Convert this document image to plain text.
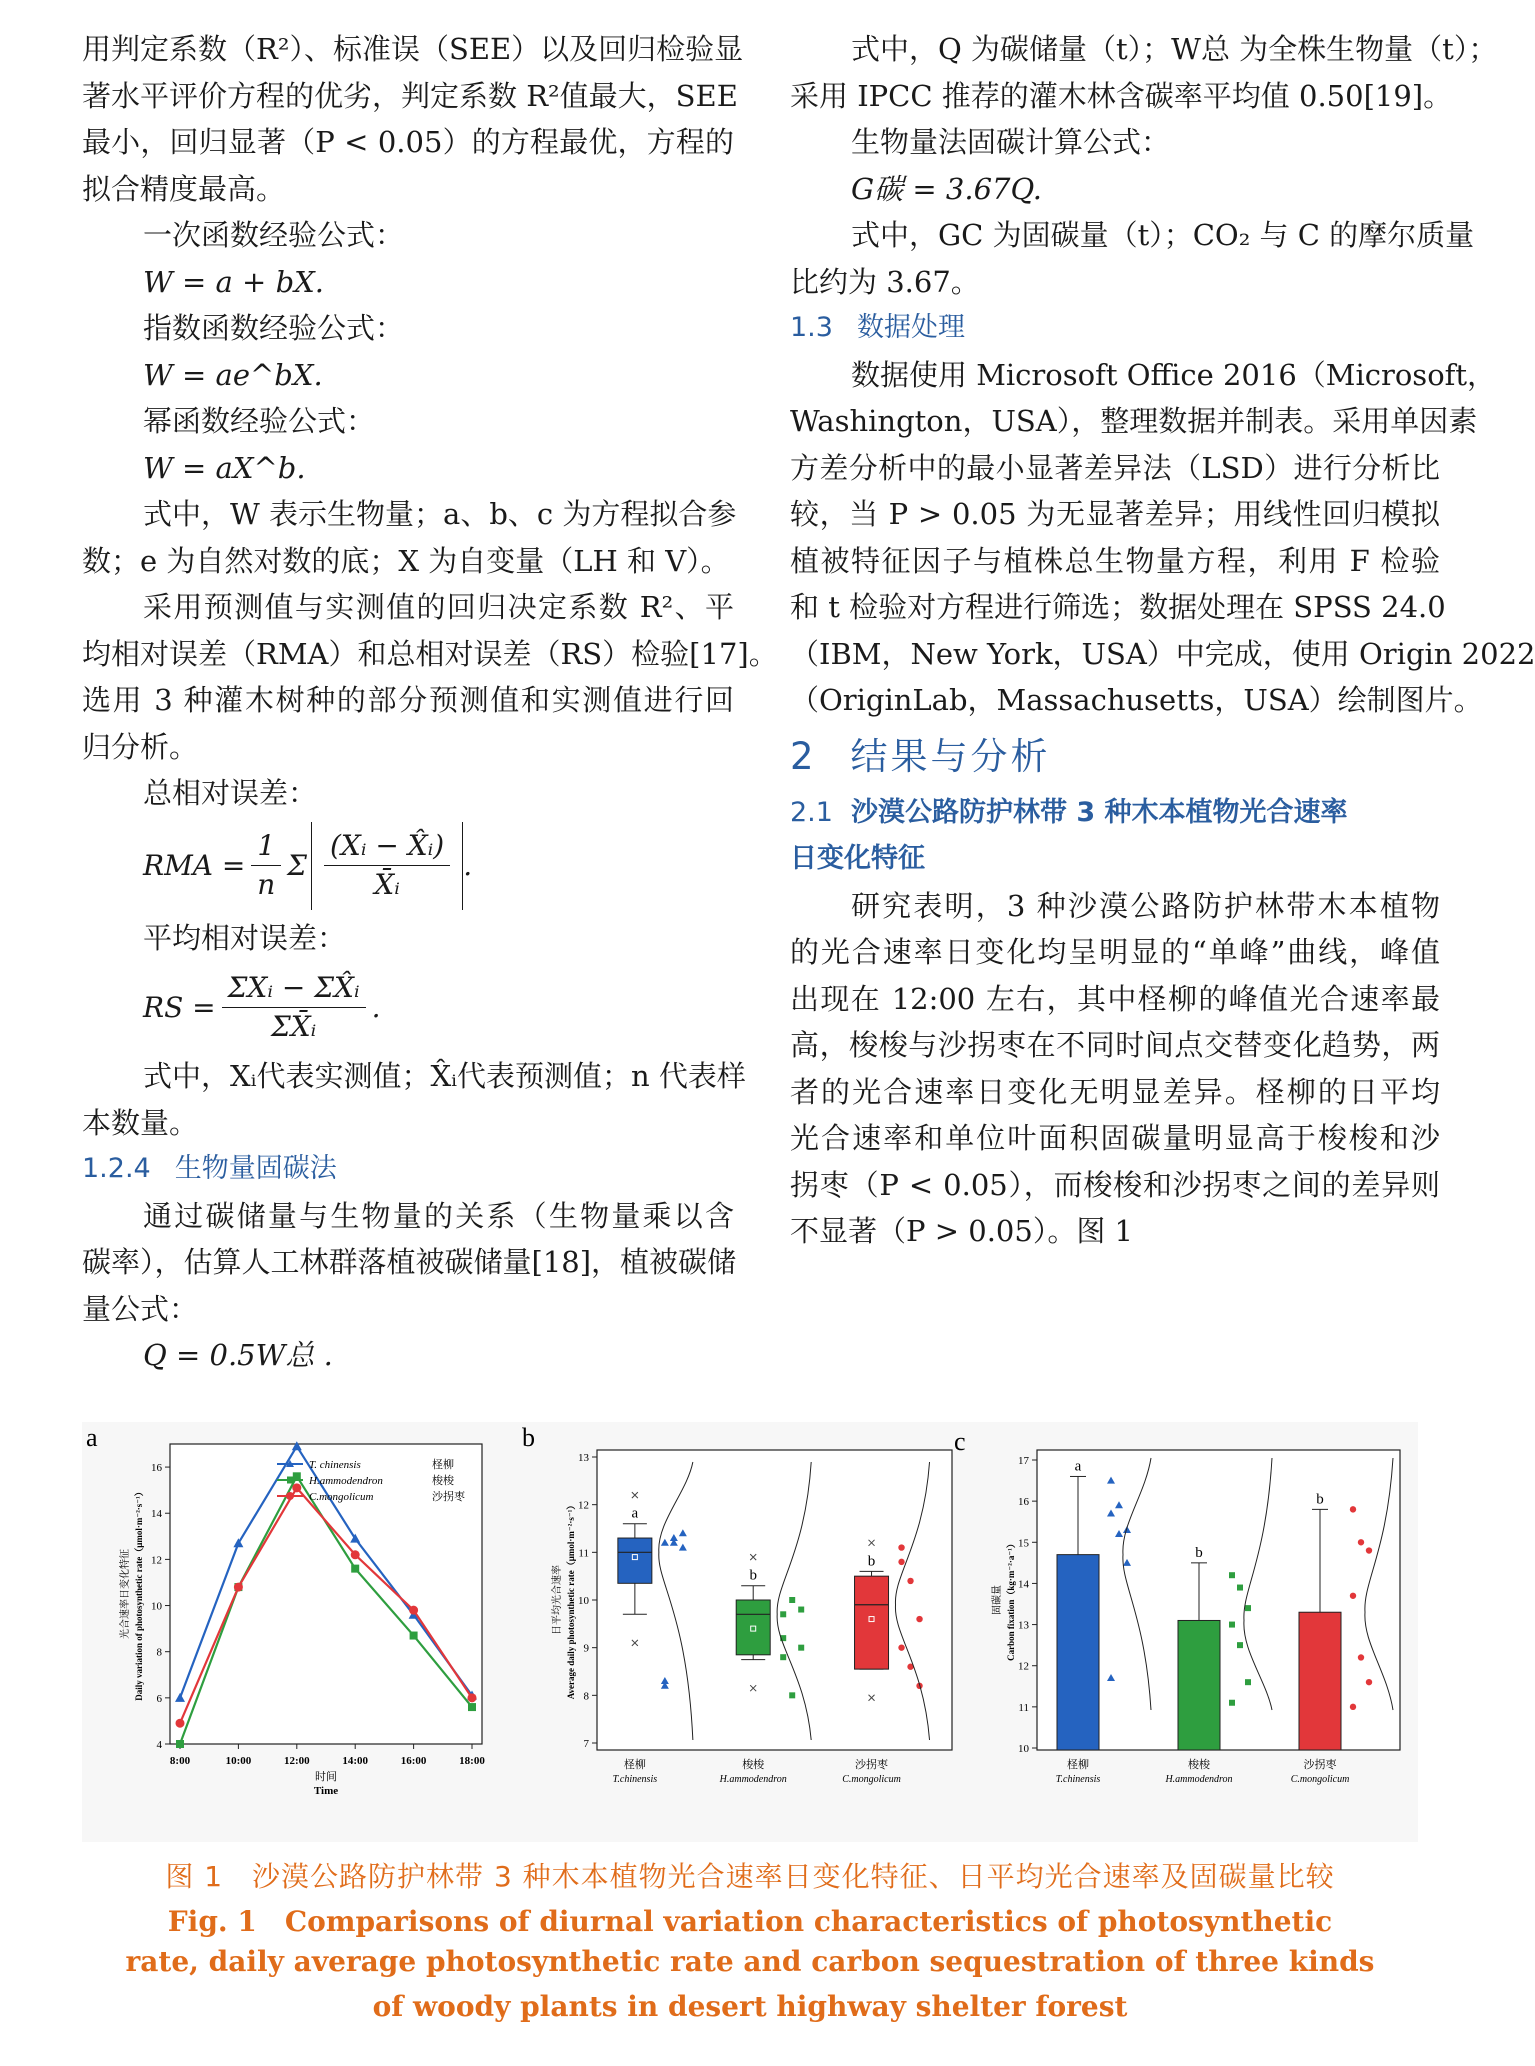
用判定系数（R²）、标准误（SEE）以及回归检验显
著水平评价方程的优劣，判定系数 R²值最大，SEE
最小，回归显著（P < 0.05）的方程最优，方程的
拟合精度最高。
一次函数经验公式：
W = a + bX.
指数函数经验公式：
W = ae^bX.
幂函数经验公式：
W = aX^b.
式中，W 表示生物量；a、b、c 为方程拟合参
数；e 为自然对数的底；X 为自变量（LH 和 V）。
采用预测值与实测值的回归决定系数 R²、平
均相对误差（RMA）和总相对误差（RS）检验[17]。
选用 3 种灌木树种的部分预测值和实测值进行回
归分析。
总相对误差：
RMA = $\frac{1}{n}$ Σ $\frac{\text{(Xᵢ − X̂ᵢ)}}{\text{X̄ᵢ}}$ .
平均相对误差：
RS = $\frac{\text{ΣXᵢ − ΣX̂ᵢ}}{\text{ΣX̄ᵢ}}$ .
式中，Xᵢ代表实测值；X̂ᵢ代表预测值；n 代表样
本数量。
1.2.4 生物量固碳法
通过碳储量与生物量的关系（生物量乘以含
碳率），估算人工林群落植被碳储量[18]，植被碳储
量公式：
Q = 0.5W总 .
式中，Q 为碳储量（t）；W总 为全株生物量（t）；
采用 IPCC 推荐的灌木林含碳率平均值 0.50[19]。
生物量法固碳计算公式：
G碳 = 3.67Q.
式中，GC 为固碳量（t）；CO₂ 与 C 的摩尔质量
比约为 3.67。
1.3 数据处理
数据使用 Microsoft Office 2016（Microsoft，
Washington，USA），整理数据并制表。采用单因素
方差分析中的最小显著差异法（LSD）进行分析比
较，当 P > 0.05 为无显著差异；用线性回归模拟
植被特征因子与植株总生物量方程，利用 F 检验
和 t 检验对方程进行筛选；数据处理在 SPSS 24.0
（IBM，New York，USA）中完成，使用 Origin 2022
（OriginLab，Massachusetts，USA）绘制图片。
2 结果与分析
2.1 沙漠公路防护林带 3 种木本植物光合速率
日变化特征
研究表明，3 种沙漠公路防护林带木本植物
的光合速率日变化均呈明显的“单峰”曲线，峰值
出现在 12:00 左右，其中柽柳的峰值光合速率最
高，梭梭与沙拐枣在不同时间点交替变化趋势，两
者的光合速率日变化无明显差异。柽柳的日平均
光合速率和单位叶面积固碳量明显高于梭梭和沙
拐枣（P < 0.05），而梭梭和沙拐枣之间的差异则
不显著（P > 0.05）。图 1
a
4
6
8
10
12
14
16
8:00	10:00	12:00	14:00	16:00	18:00
时间
Time
光合速率日变化特征 Daily variation of photosynthetic rate（μmol·m⁻²·s⁻¹）
T. chinensis	柽柳
H.ammodendron	梭梭
C.mongolicum	沙拐枣
b
7
8
9
10
11
12
13
日平均光合速率 Average daily photosynthetic rate（μmol·m⁻²·s⁻¹）	a
柽柳
T.chinensis
b
梭梭
H.ammodendron
b
沙拐枣
C.mongolicum
c
10
11
12
13
14
15
16
17
固碳量 Carbon fixation（kg·m⁻²·a⁻¹）
a
柽柳
T.chinensis
b
梭梭
H.ammodendron
b
沙拐枣
C.mongolicum
图 1　沙漠公路防护林带 3 种木本植物光合速率日变化特征、日平均光合速率及固碳量比较
Fig. 1　Comparisons of diurnal variation characteristics of photosynthetic
rate, daily average photosynthetic rate and carbon sequestration of three kinds
of woody plants in desert highway shelter forest
